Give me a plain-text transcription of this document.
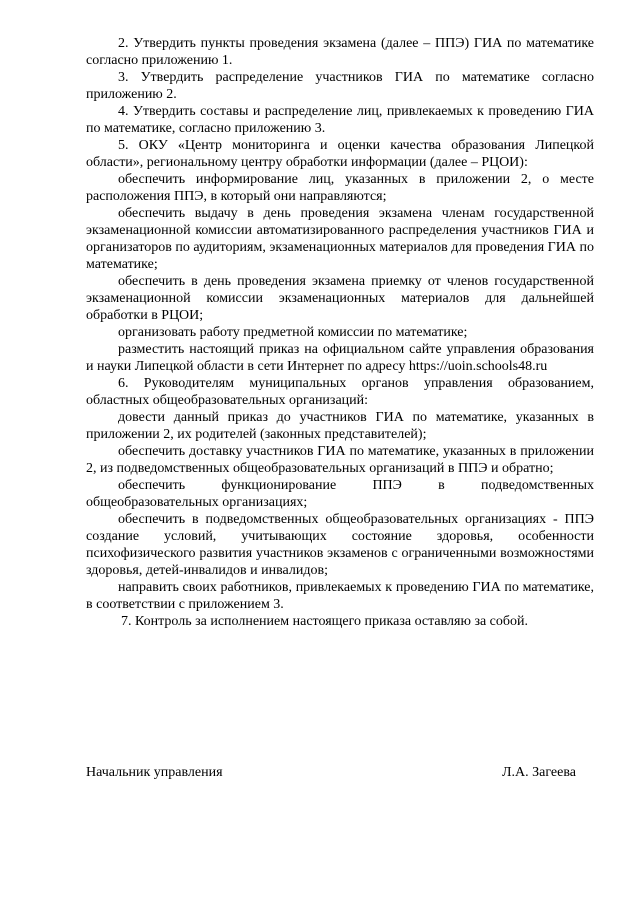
2. Утвердить пункты проведения экзамена (далее – ППЭ) ГИА по математике согласно приложению 1.

3. Утвердить распределение участников ГИА по математике согласно приложению 2.

4. Утвердить составы и распределение лиц, привлекаемых к проведению ГИА по математике, согласно приложению 3.

5. ОКУ «Центр мониторинга и оценки качества образования Липецкой области», региональному центру обработки информации (далее – РЦОИ):

обеспечить информирование лиц, указанных в приложении 2, о месте расположения ППЭ, в который они направляются;

обеспечить выдачу в день проведения экзамена членам государственной экзаменационной комиссии автоматизированного распределения участников ГИА и организаторов по аудиториям, экзаменационных материалов для проведения ГИА по математике;

обеспечить в день проведения экзамена приемку от членов государственной экзаменационной комиссии экзаменационных материалов для дальнейшей обработки в РЦОИ;

организовать работу предметной комиссии по математике;

разместить настоящий приказ на официальном сайте управления образования и науки Липецкой области в сети Интернет по адресу https://uoin.schools48.ru

6. Руководителям муниципальных органов управления образованием, областных общеобразовательных организаций:

довести данный приказ до участников ГИА по математике, указанных в приложении 2, их родителей (законных представителей);

обеспечить доставку участников ГИА по математике, указанных в приложении 2, из подведомственных общеобразовательных организаций в ППЭ и обратно;

обеспечить функционирование ППЭ в подведомственных общеобразовательных организациях;

обеспечить в подведомственных общеобразовательных организациях - ППЭ создание условий, учитывающих состояние здоровья, особенности психофизического развития участников экзаменов с ограниченными возможностями здоровья, детей-инвалидов и инвалидов;

направить своих работников, привлекаемых к проведению ГИА по математике, в соответствии с приложением 3.

7. Контроль за исполнением настоящего приказа оставляю за собой.

Начальник управления	Л.А. Загеева
